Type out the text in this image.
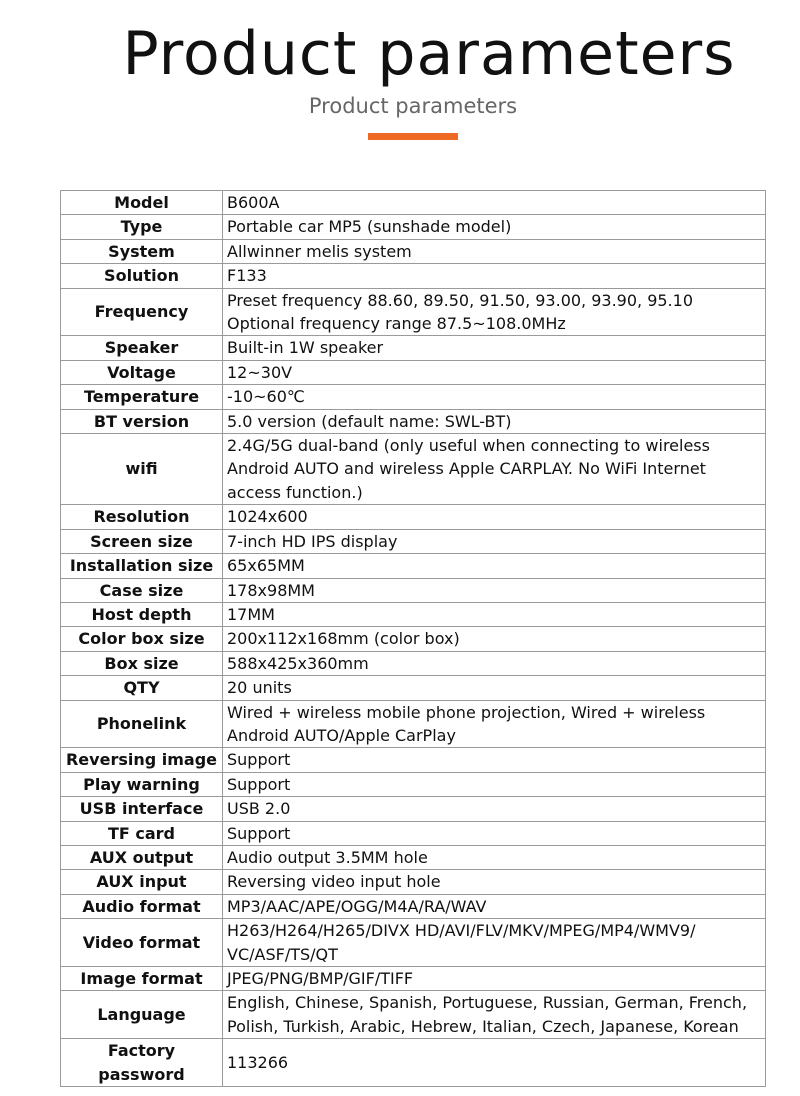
Product parameters
Product parameters
Model	B600A

Type	Portable car MP5 (sunshade model)

System	Allwinner melis system

Solution	F133

Frequency	Preset frequency 88.60, 89.50, 91.50, 93.00, 93.90, 95.10
Optional frequency range 87.5~108.0MHz

Speaker	Built-in 1W speaker

Voltage	12~30V

Temperature	-10~60℃

BT version	5.0 version (default name: SWL-BT)

wifi	2.4G/5G dual-band (only useful when connecting to wireless
Android AUTO and wireless Apple CARPLAY. No WiFi Internet
access function.)

Resolution	1024x600

Screen size	7-inch HD IPS display

Installation size	65x65MM

Case size	178x98MM

Host depth	17MM

Color box size	200x112x168mm (color box)

Box size	588x425x360mm

QTY	20 units

Phonelink	Wired + wireless mobile phone projection, Wired + wireless
Android AUTO/Apple CarPlay

Reversing image	Support

Play warning	Support

USB interface	USB 2.0

TF card	Support

AUX output	Audio output 3.5MM hole

AUX input	Reversing video input hole

Audio format	MP3/AAC/APE/OGG/M4A/RA/WAV

Video format	H263/H264/H265/DIVX HD/AVI/FLV/MKV/MPEG/MP4/WMV9/
VC/ASF/TS/QT

Image format	JPEG/PNG/BMP/GIF/TIFF

Language	English, Chinese, Spanish, Portuguese, Russian, German, French,
Polish, Turkish, Arabic, Hebrew, Italian, Czech, Japanese, Korean

Factory password	113266
